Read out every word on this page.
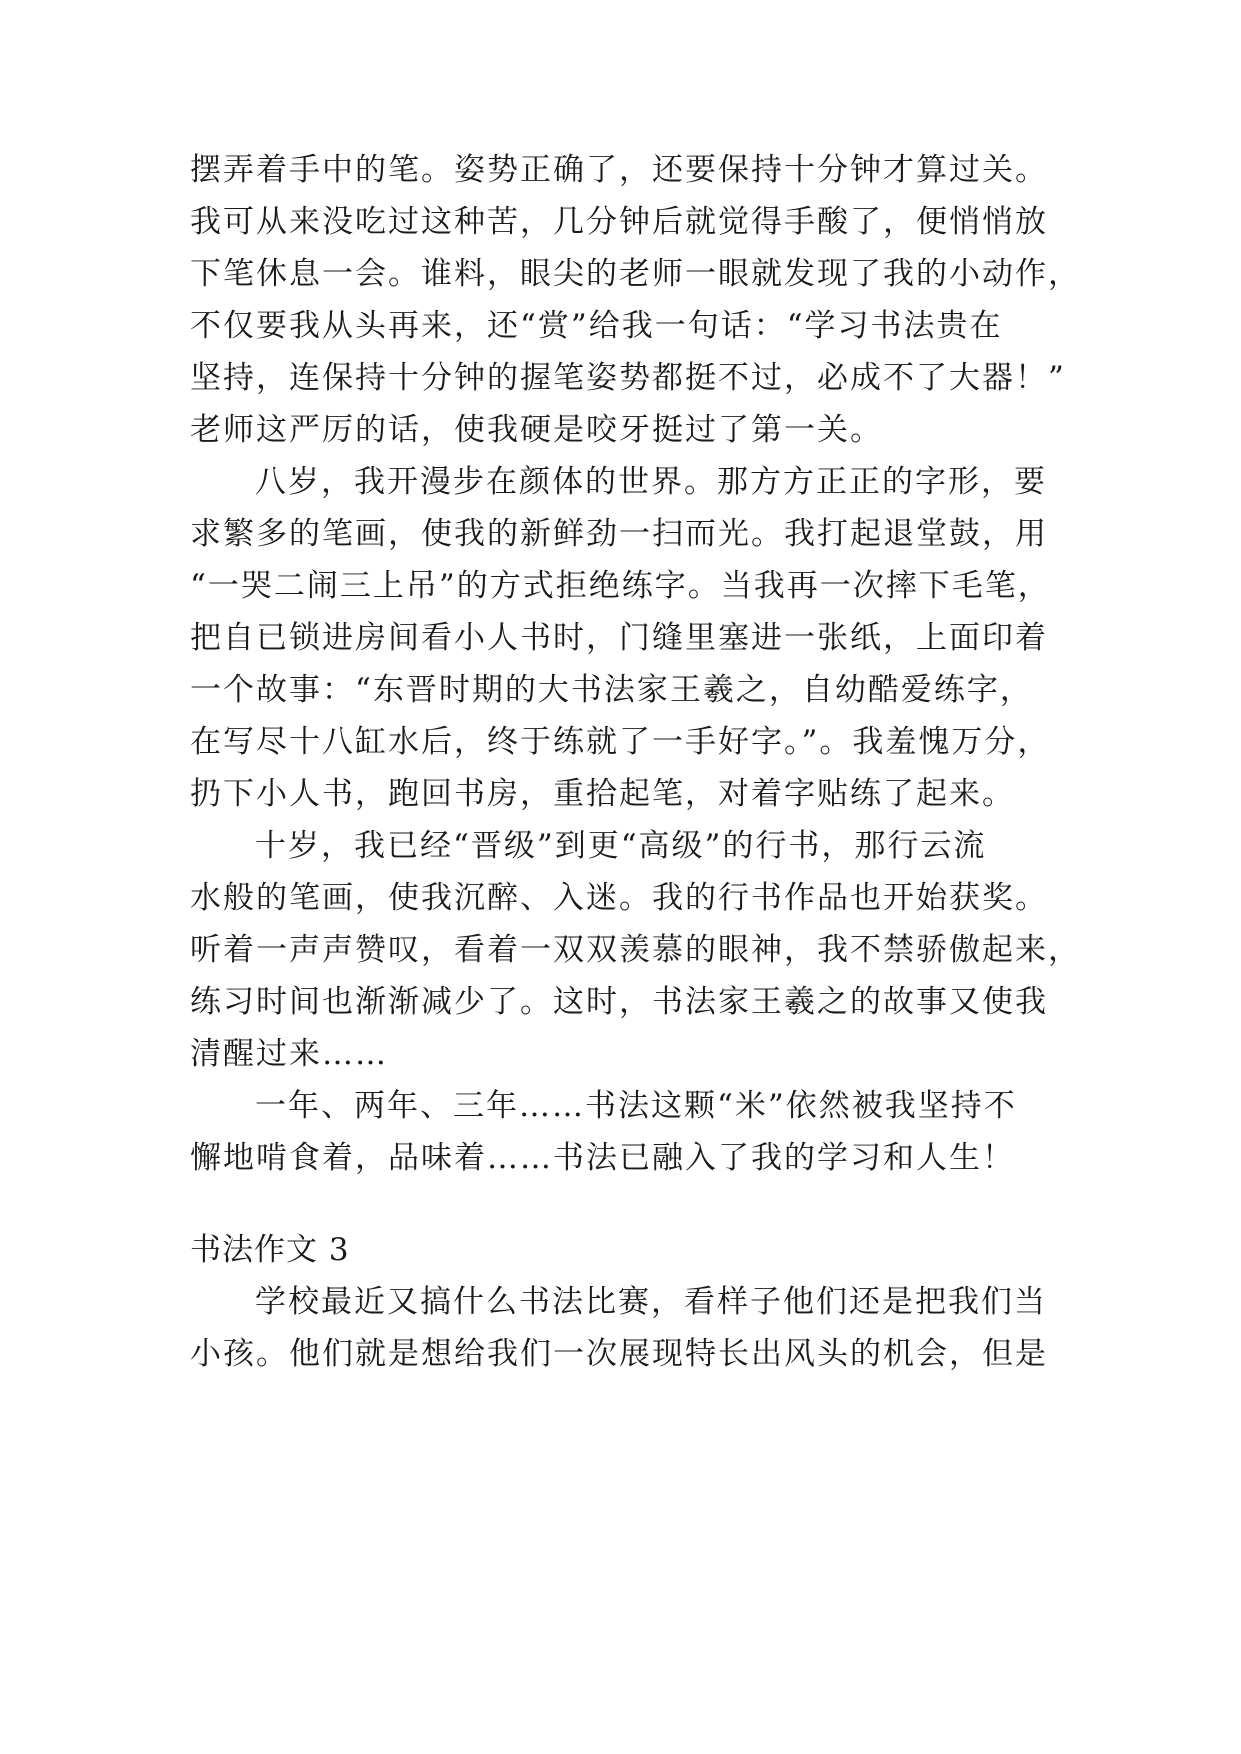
摆弄着手中的笔。姿势正确了，还要保持十分钟才算过关。
我可从来没吃过这种苦，几分钟后就觉得手酸了，便悄悄放
下笔休息一会。谁料，眼尖的老师一眼就发现了我的小动作，
不仅要我从头再来，还“赏”给我一句话：“学习书法贵在
坚持，连保持十分钟的握笔姿势都挺不过，必成不了大器！”
老师这严厉的话，使我硬是咬牙挺过了第一关。
八岁，我开漫步在颜体的世界。那方方正正的字形，要
求繁多的笔画，使我的新鲜劲一扫而光。我打起退堂鼓，用
“一哭二闹三上吊”的方式拒绝练字。当我再一次摔下毛笔，
把自已锁进房间看小人书时，门缝里塞进一张纸，上面印着
一个故事：“东晋时期的大书法家王羲之，自幼酷爱练字，
在写尽十八缸水后，终于练就了一手好字。”。我羞愧万分，
扔下小人书，跑回书房，重拾起笔，对着字贴练了起来。
十岁，我已经“晋级”到更“高级”的行书，那行云流
水般的笔画，使我沉醉、入迷。我的行书作品也开始获奖。
听着一声声赞叹，看着一双双羡慕的眼神，我不禁骄傲起来，
练习时间也渐渐减少了。这时，书法家王羲之的故事又使我
清醒过来……
一年、两年、三年……书法这颗“米”依然被我坚持不
懈地啃食着，品味着……书法已融入了我的学习和人生！
书法作文 3
学校最近又搞什么书法比赛，看样子他们还是把我们当
小孩。他们就是想给我们一次展现特长出风头的机会，但是
